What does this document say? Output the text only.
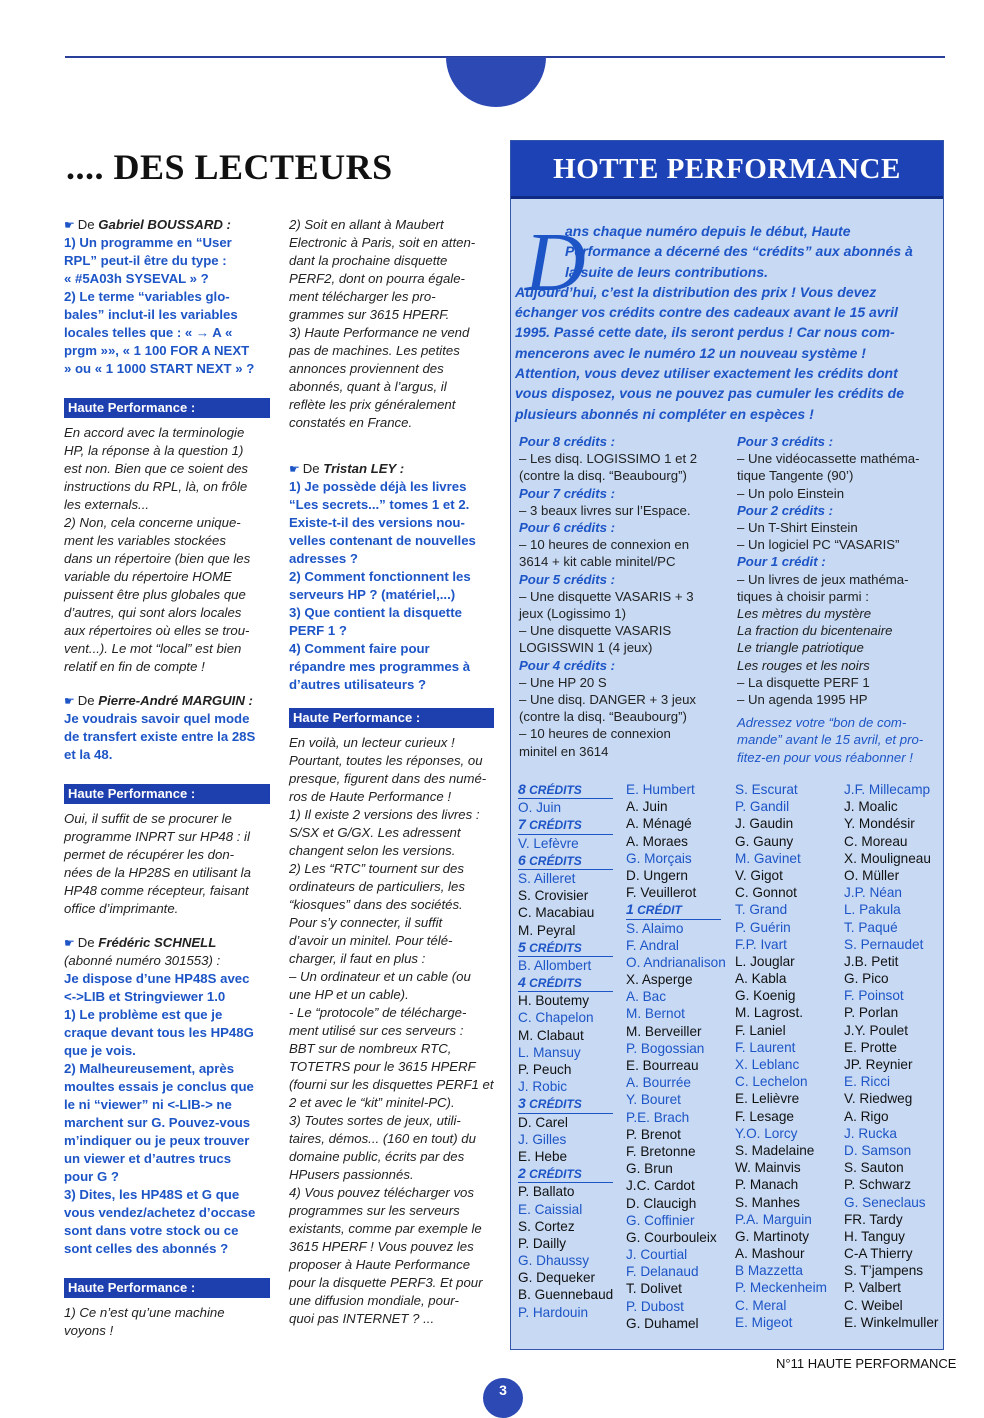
.... DES LECTEURS
☛ De Gabriel BOUSSARD :
1) Un programme en “User
RPL” peut-il être du type :
« #5A03h SYSEVAL » ?
2) Le terme “variables glo-
bales” inclut-il les variables
locales telles que : « → A «
prgm »», « 1 100 FOR A NEXT
» ou « 1 1000 START NEXT » ?
Haute Performance :
En accord avec la terminologie
HP, la réponse à la question 1)
est non. Bien que ce soient des
instructions du RPL, là, on frôle
les externals...
2) Non, cela concerne unique-
ment les variables stockées
dans un répertoire (bien que les
variable du répertoire HOME
puissent être plus globales que
d’autres, qui sont alors locales
aux répertoires où elles se trou-
vent...). Le mot “local” est bien
relatif en fin de compte !
☛ De Pierre-André MARGUIN :
Je voudrais savoir quel mode
de transfert existe entre la 28S
et la 48.
Haute Performance :
Oui, il suffit de se procurer le
programme INPRT sur HP48 : il
permet de récupérer les don-
nées de la HP28S en utilisant la
HP48 comme récepteur, faisant
office d’imprimante.
☛ De Frédéric SCHNELL
(abonné numéro 301553) :
Je dispose d’une HP48S avec
<->LIB et Stringviewer 1.0
1) Le problème est que je
craque devant tous les HP48G
que je vois.
2) Malheureusement, après
moultes essais je conclus que
le ni “viewer” ni <-LIB-> ne
marchent sur G. Pouvez-vous
m’indiquer ou je peux trouver
un viewer et d’autres trucs
pour G ?
3) Dites, les HP48S et G que
vous vendez/achetez d’occase
sont dans votre stock ou ce
sont celles des abonnés ?
Haute Performance :
1) Ce n’est qu’une machine
voyons !
2) Soit en allant à Maubert
Electronic à Paris, soit en atten-
dant la prochaine disquette
PERF2, dont on pourra égale-
ment télécharger les pro-
grammes sur 3615 HPERF.
3) Haute Performance ne vend
pas de machines. Les petites
annonces proviennent des
abonnés, quant à l’argus, il
reflète les prix généralement
constatés en France.
☛ De Tristan LEY :
1) Je possède déjà les livres
“Les secrets...” tomes 1 et 2.
Existe-t-il des versions nou-
velles contenant de nouvelles
adresses ?
2) Comment fonctionnent les
serveurs HP ? (matériel,...)
3) Que contient la disquette
PERF 1 ?
4) Comment faire pour
répandre mes programmes à
d’autres utilisateurs ?
Haute Performance :
En voilà, un lecteur curieux !
Pourtant, toutes les réponses, ou
presque, figurent dans des numé-
ros de Haute Performance !
1) Il existe 2 versions des livres :
S/SX et G/GX. Les adressent
changent selon les versions.
2) Les “RTC” tournent sur des
ordinateurs de particuliers, les
“kiosques” dans des sociétés.
Pour s’y connecter, il suffit
d’avoir un minitel. Pour télé-
charger, il faut en plus :
– Un ordinateur et un cable (ou
une HP et un cable).
- Le “protocole” de télécharge-
ment utilisé sur ces serveurs :
BBT sur de nombreux RTC,
TOTETRS pour le 3615 HPERF
(fourni sur les disquettes PERF1 et
2 et avec le “kit” minitel-PC).
3) Toutes sortes de jeux, utili-
taires, démos... (160 en tout) du
domaine public, écrits par des
HPusers passionnés.
4) Vous pouvez télécharger vos
programmes sur les serveurs
existants, comme par exemple le
3615 HPERF ! Vous pouvez les
proposer à Haute Performance
pour la disquette PERF3. Et pour
une diffusion mondiale, pour-
quoi pas INTERNET ? ...
HOTTE PERFORMANCE
D
ans chaque numéro depuis le début, Haute
Performance a décerné des “crédits” aux abonnés à
la suite de leurs contributions.
Aujourd’hui, c’est la distribution des prix ! Vous devez
échanger vos crédits contre des cadeaux avant le 15 avril
1995. Passé cette date, ils seront perdus ! Car nous com-
mencerons avec le numéro 12 un nouveau système !
Attention, vous devez utiliser exactement les crédits dont
vous disposez, vous ne pouvez pas cumuler les crédits de
plusieurs abonnés ni compléter en espèces !
Pour 8 crédits :
– Les disq. LOGISSIMO 1 et 2
(contre la disq. “Beaubourg”)
Pour 7 crédits :
– 3 beaux livres sur l’Espace.
Pour 6 crédits :
– 10 heures de connexion en
3614 + kit cable minitel/PC
Pour 5 crédits :
– Une disquette VASARIS + 3
jeux (Logissimo 1)
– Une disquette VASARIS
LOGISSWIN 1 (4 jeux)
Pour 4 crédits :
– Une HP 20 S
– Une disq. DANGER + 3 jeux
(contre la disq. “Beaubourg”)
– 10 heures de connexion
minitel en 3614
Pour 3 crédits :
– Une vidéocassette mathéma-
tique Tangente (90’)
– Un polo Einstein
Pour 2 crédits :
– Un T-Shirt Einstein
– Un logiciel PC “VASARIS”
Pour 1 crédit :
– Un livres de jeux mathéma-
tiques à choisir parmi :
Les mètres du mystère
La fraction du bicentenaire
Le triangle patriotique
Les rouges et les noirs
– La disquette PERF 1
– Un agenda 1995 HP
Adressez votre “bon de com-
mande” avant le 15 avril, et pro-
fitez-en pour vous réabonner !
8 CRÉDITS
O. Juin
7 CRÉDITS
V. Lefèvre
6 CRÉDITS
S. Ailleret
S. Crovisier
C. Macabiau
M. Peyral
5 CRÉDITS
B. Allombert
4 CRÉDITS
H. Boutemy
C. Chapelon
M. Clabaut
L. Mansuy
P. Peuch
J. Robic
3 CRÉDITS
D. Carel
J. Gilles
E. Hebe
2 CRÉDITS
P. Ballato
E. Caissial
S. Cortez
P. Dailly
G. Dhaussy
G. Dequeker
B. Guennebaud
P. Hardouin
E. Humbert
A. Juin
A. Ménagé
A. Moraes
G. Morçais
D. Ungern
F. Veuillerot
1 CRÉDIT
S. Alaimo
F. Andral
O. Andrianalison
X. Asperge
A. Bac
M. Bernot
M. Berveiller
P. Bogossian
E. Bourreau
A. Bourrée
Y. Bouret
P.E. Brach
P. Brenot
F. Bretonne
G. Brun
J.C. Cardot
D. Claucigh
G. Coffinier
G. Courbouleix
J. Courtial
F. Delanaud
T. Dolivet
P. Dubost
G. Duhamel
S. Escurat
P. Gandil
J. Gaudin
G. Gauny
M. Gavinet
V. Gigot
C. Gonnot
T. Grand
P. Guérin
F.P. Ivart
L. Jouglar
A. Kabla
G. Koenig
M. Lagrost.
F. Laniel
F. Laurent
X. Leblanc
C. Lechelon
E. Lelièvre
F. Lesage
Y.O. Lorcy
S. Madelaine
W. Mainvis
P. Manach
S. Manhes
P.A. Marguin
G. Martinoty
A. Mashour
B Mazzetta
P. Meckenheim
C. Meral
E. Migeot
J.F. Millecamp
J. Moalic
Y. Mondésir
C. Moreau
X. Mouligneau
O. Müller
J.P. Néan
L. Pakula
T. Paqué
S. Pernaudet
J.B. Petit
G. Pico
F. Poinsot
P. Porlan
J.Y. Poulet
E. Protte
JP. Reynier
E. Ricci
V. Riedweg
A. Rigo
J. Rucka
D. Samson
S. Sauton
P. Schwarz
G. Seneclaus
FR. Tardy
H. Tanguy
C-A Thierry
S. T’jampens
P. Valbert
C. Weibel
E. Winkelmuller
N°11 HAUTE PERFORMANCE
3
